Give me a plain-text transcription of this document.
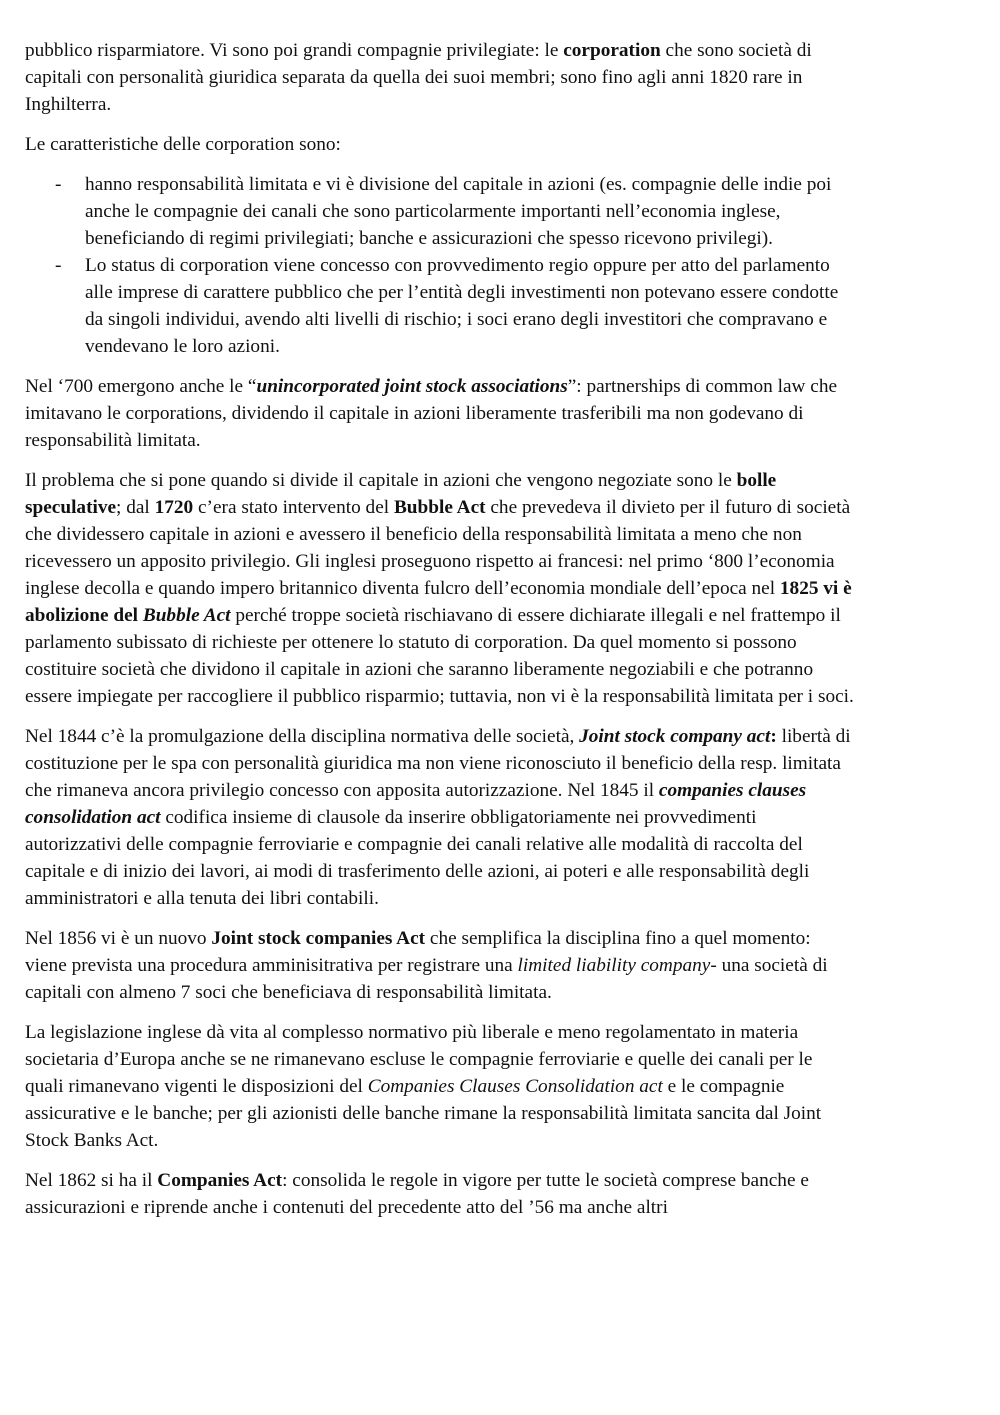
pubblico risparmiatore. Vi sono poi grandi compagnie privilegiate: le corporation che sono società di capitali con personalità giuridica separata da quella dei suoi membri; sono fino agli anni 1820 rare in Inghilterra.

Le caratteristiche delle corporation sono:

- hanno responsabilità limitata e vi è divisione del capitale in azioni (es. compagnie delle indie poi anche le compagnie dei canali che sono particolarmente importanti nell’economia inglese, beneficiando di regimi privilegiati; banche e assicurazioni che spesso ricevono privilegi).
- Lo status di corporation viene concesso con provvedimento regio oppure per atto del parlamento alle imprese di carattere pubblico che per l’entità degli investimenti non potevano essere condotte da singoli individui, avendo alti livelli di rischio; i soci erano degli investitori che compravano e vendevano le loro azioni.

Nel ‘700 emergono anche le “unincorporated joint stock associations”: partnerships di common law che imitavano le corporations, dividendo il capitale in azioni liberamente trasferibili ma non godevano di responsabilità limitata.

Il problema che si pone quando si divide il capitale in azioni che vengono negoziate sono le bolle speculative; dal 1720 c’era stato intervento del Bubble Act che prevedeva il divieto per il futuro di società che dividessero capitale in azioni e avessero il beneficio della responsabilità limitata a meno che non ricevessero un apposito privilegio. Gli inglesi proseguono rispetto ai francesi: nel primo ‘800 l’economia inglese decolla e quando impero britannico diventa fulcro dell’economia mondiale dell’epoca nel 1825 vi è abolizione del Bubble Act perché troppe società rischiavano di essere dichiarate illegali e nel frattempo il parlamento subissato di richieste per ottenere lo statuto di corporation. Da quel momento si possono costituire società che dividono il capitale in azioni che saranno liberamente negoziabili e che potranno essere impiegate per raccogliere il pubblico risparmio; tuttavia, non vi è la responsabilità limitata per i soci.

Nel 1844 c’è la promulgazione della disciplina normativa delle società, Joint stock company act: libertà di costituzione per le spa con personalità giuridica ma non viene riconosciuto il beneficio della resp. limitata che rimaneva ancora privilegio concesso con apposita autorizzazione. Nel 1845 il companies clauses consolidation act codifica insieme di clausole da inserire obbligatoriamente nei provvedimenti autorizzativi delle compagnie ferroviarie e compagnie dei canali relative alle modalità di raccolta del capitale e di inizio dei lavori, ai modi di trasferimento delle azioni, ai poteri e alle responsabilità degli amministratori e alla tenuta dei libri contabili.

Nel 1856 vi è un nuovo Joint stock companies Act che semplifica la disciplina fino a quel momento: viene prevista una procedura amminisitrativa per registrare una limited liability company- una società di capitali con almeno 7 soci che beneficiava di responsabilità limitata.

La legislazione inglese dà vita al complesso normativo più liberale e meno regolamentato in materia societaria d’Europa anche se ne rimanevano escluse le compagnie ferroviarie e quelle dei canali per le quali rimanevano vigenti le disposizioni del Companies Clauses Consolidation act e le compagnie assicurative e le banche; per gli azionisti delle banche rimane la responsabilità limitata sancita dal Joint Stock Banks Act.

Nel 1862 si ha il Companies Act: consolida le regole in vigore per tutte le società comprese banche e assicurazioni e riprende anche i contenuti del precedente atto del ’56 ma anche altri
